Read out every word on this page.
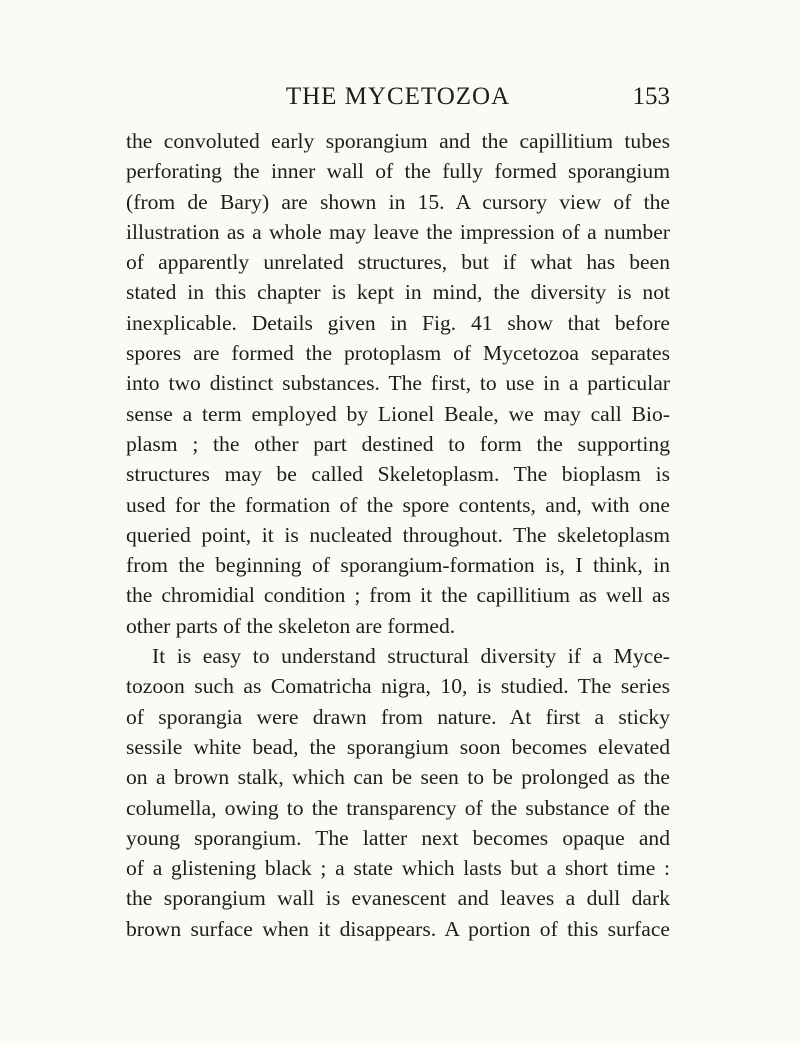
THE MYCETOZOA	153
the convoluted early sporangium and the capillitium tubes
perforating the inner wall of the fully formed sporangium
(from de Bary) are shown in 15. A cursory view of the
illustration as a whole may leave the impression of a number
of apparently unrelated structures, but if what has been
stated in this chapter is kept in mind, the diversity is not
inexplicable. Details given in Fig. 41 show that before
spores are formed the protoplasm of Mycetozoa separates
into two distinct substances. The first, to use in a particular
sense a term employed by Lionel Beale, we may call Bio-
plasm ; the other part destined to form the supporting
structures may be called Skeletoplasm. The bioplasm is
used for the formation of the spore contents, and, with one
queried point, it is nucleated throughout. The skeletoplasm
from the beginning of sporangium-formation is, I think, in
the chromidial condition ; from it the capillitium as well as
other parts of the skeleton are formed.
It is easy to understand structural diversity if a Myce-
tozoon such as Comatricha nigra, 10, is studied. The series
of sporangia were drawn from nature. At first a sticky
sessile white bead, the sporangium soon becomes elevated
on a brown stalk, which can be seen to be prolonged as the
columella, owing to the transparency of the substance of the
young sporangium. The latter next becomes opaque and
of a glistening black ; a state which lasts but a short time :
the sporangium wall is evanescent and leaves a dull dark
brown surface when it disappears. A portion of this surface
